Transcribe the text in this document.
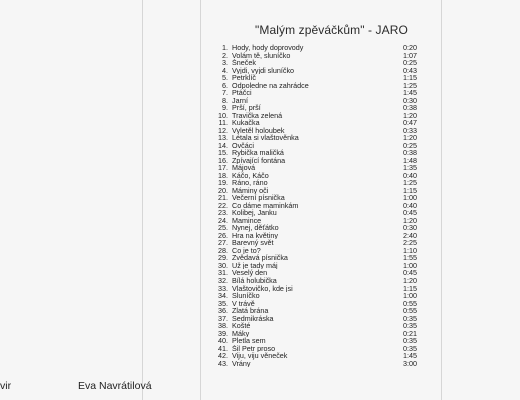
vir	Eva Navrátilová
"Malým zpěváčkům" - JARO
1. Hody, hody doprovody	0:20
2. Volám tě, sluníčko	1:07
3. Šneček	0:25
4. Vyjdi, vyjdi sluníčko	0:43
5. Petrklíč	1:15
6. Odpoledne na zahrádce	1:25
7. Ptáčci	1:45
8. Jarní	0:30
9. Prší, prší	0:38
10. Travička zelená	1:20
11. Kukačka	0:47
12. Vyletěl holoubek	0:33
13. Létala si vlaštověnka	1:20
14. Ovčáci	0:25
15. Rybička maličká	0:38
16. Zpívající fontána	1:48
17. Májová	1:35
18. Káčo, Káčo	0:40
19. Ráno, ráno	1:25
20. Máminy oči	1:15
21. Večerní písnička	1:00
22. Co dáme maminkám	0:40
23. Kolibej, Janku	0:45
24. Mamince	1:20
25. Nynej, děťátko	0:30
26. Hra na květiny	2:40
27. Barevný svět	2:25
28. Co je to?	1:10
29. Zvědavá písnička	1:55
30. Už je tady máj	1:00
31. Veselý den	0:45
32. Bílá holubička	1:20
33. Vlaštovičko, kde jsi	1:15
34. Sluníčko	1:00
35. V trávě	0:55
36. Zlatá brána	0:55
37. Sedmikráska	0:35
38. Košté	0:35
39. Máky	0:21
40. Pletla sem	0:35
41. Šil Petr proso	0:35
42. Viju, viju věneček	1:45
43. Vrány	3:00
